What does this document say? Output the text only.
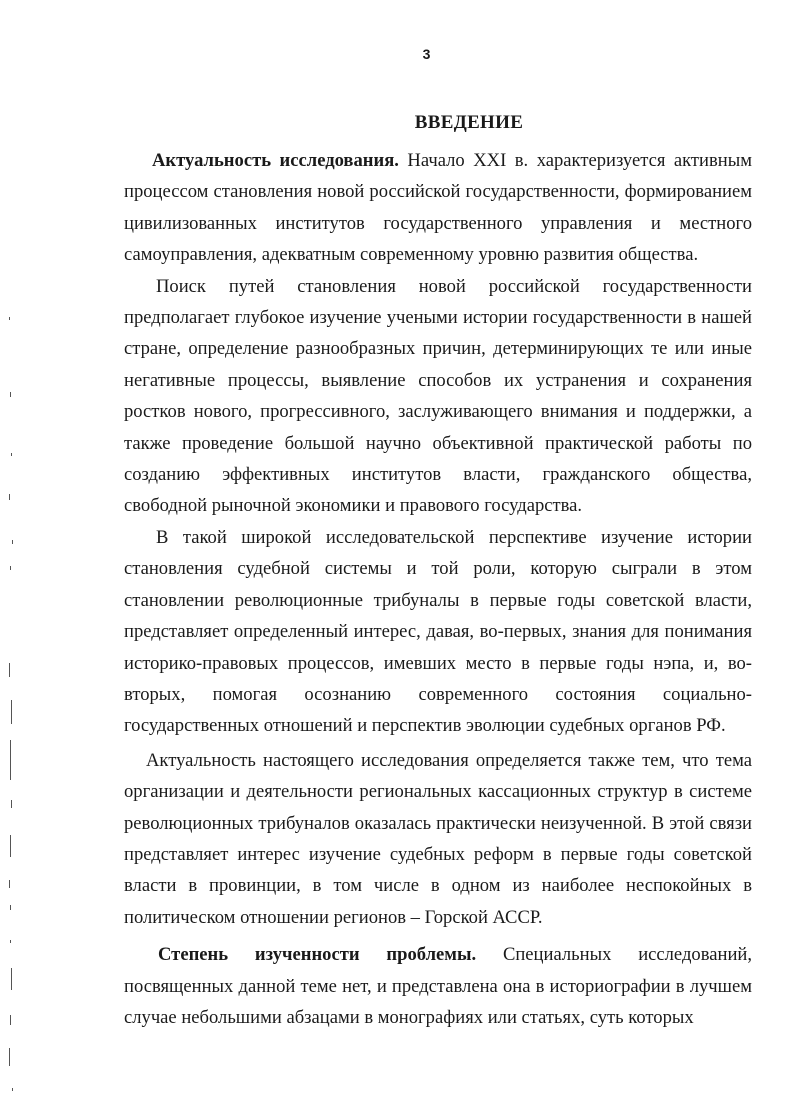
3
ВВЕДЕНИЕ

Актуальность исследования. Начало XXI в. характеризуется активным процессом становления новой российской государственности, формированием цивилизованных институтов государственного управления и местного самоуправления, адекватным современному уровню развития общества.

Поиск путей становления новой российской государственности предполагает глубокое изучение учеными истории государственности в нашей стране, определение разнообразных причин, детерминирующих те или иные негативные процессы, выявление способов их устранения и сохранения ростков нового, прогрессивного, заслуживающего внимания и поддержки, а также проведение большой научно объективной практической работы по созданию эффективных институтов власти, гражданского общества, свободной рыночной экономики и правового государства.

В такой широкой исследовательской перспективе изучение истории становления судебной системы и той роли, которую сыграли в этом становлении революционные трибуналы в первые годы советской власти, представляет определенный интерес, давая, во-первых, знания для понимания историко-правовых процессов, имевших место в первые годы нэпа, и, во-вторых, помогая осознанию современного состояния социально-государственных отношений и перспектив эволюции судебных органов РФ.

Актуальность настоящего исследования определяется также тем, что тема организации и деятельности региональных кассационных структур в системе революционных трибуналов оказалась практически неизученной. В этой связи представляет интерес изучение судебных реформ в первые годы советской власти в провинции, в том числе в одном из наиболее неспокойных в политическом отношении регионов – Горской АССР.

Степень изученности проблемы. Специальных исследований, посвященных данной теме нет, и представлена она в историографии в лучшем случае небольшими абзацами в монографиях или статьях, суть которых
